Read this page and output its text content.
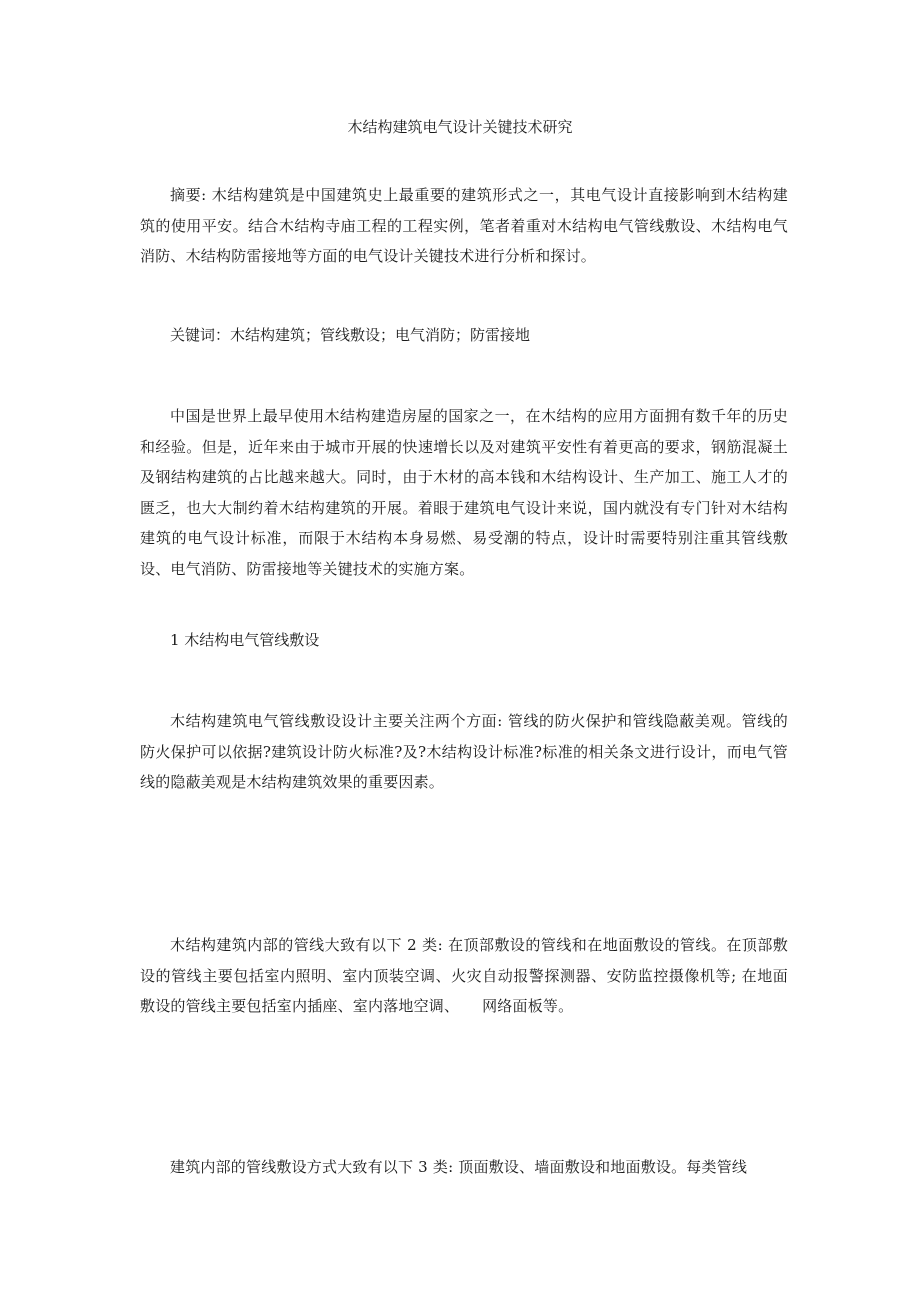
木结构建筑电气设计关键技术研究
摘要: 木结构建筑是中国建筑史上最重要的建筑形式之一，其电气设计直接影响到木结构建筑的使用平安。结合木结构寺庙工程的工程实例，笔者着重对木结构电气管线敷设、木结构电气消防、木结构防雷接地等方面的电气设计关键技术进行分析和探讨。
关键词：木结构建筑；管线敷设；电气消防；防雷接地
中国是世界上最早使用木结构建造房屋的国家之一，在木结构的应用方面拥有数千年的历史和经验。但是，近年来由于城市开展的快速增长以及对建筑平安性有着更高的要求，钢筋混凝土及钢结构建筑的占比越来越大。同时，由于木材的高本钱和木结构设计、生产加工、施工人才的匮乏，也大大制约着木结构建筑的开展。着眼于建筑电气设计来说，国内就没有专门针对木结构建筑的电气设计标准，而限于木结构本身易燃、易受潮的特点，设计时需要特别注重其管线敷设、电气消防、防雷接地等关键技术的实施方案。
1 木结构电气管线敷设
木结构建筑电气管线敷设设计主要关注两个方面: 管线的防火保护和管线隐蔽美观。管线的防火保护可以依据?建筑设计防火标准?及?木结构设计标准?标准的相关条文进行设计，而电气管线的隐蔽美观是木结构建筑效果的重要因素。
木结构建筑内部的管线大致有以下 2 类: 在顶部敷设的管线和在地面敷设的管线。在顶部敷设的管线主要包括室内照明、室内顶装空调、火灾自动报警探测器、安防监控摄像机等; 在地面敷设的管线主要包括室内插座、室内落地空调、　　网络面板等。
建筑内部的管线敷设方式大致有以下 3 类: 顶面敷设、墙面敷设和地面敷设。每类管线
